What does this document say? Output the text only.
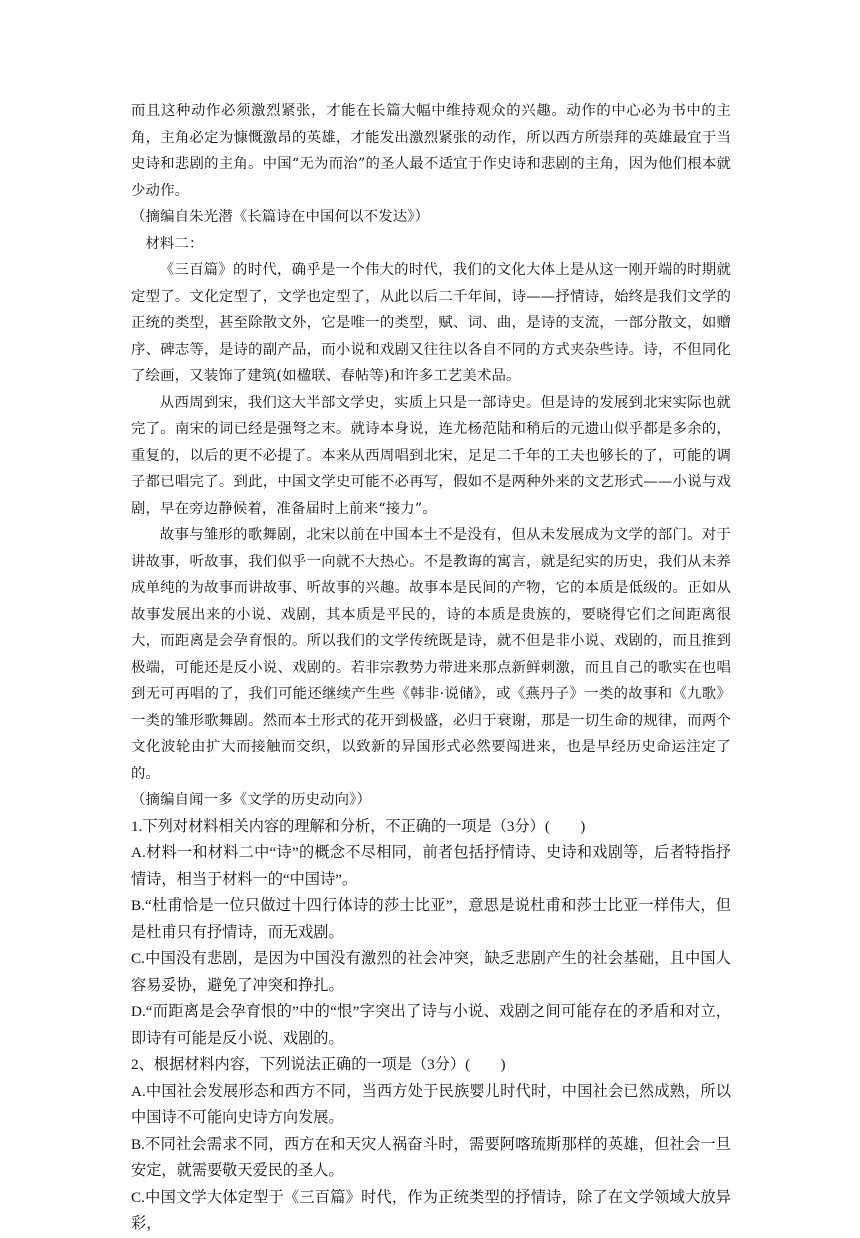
而且这种动作必须激烈紧张，才能在长篇大幅中维持观众的兴趣。动作的中心必为书中的主角，主角必定为慷慨激昂的英雄，才能发出激烈紧张的动作，所以西方所崇拜的英雄最宜于当史诗和悲剧的主角。中国“无为而治”的圣人最不适宜于作史诗和悲剧的主角，因为他们根本就少动作。

（摘编自朱光潜《长篇诗在中国何以不发达》）

材料二：

《三百篇》的时代，确乎是一个伟大的时代，我们的文化大体上是从这一刚开端的时期就定型了。文化定型了，文学也定型了，从此以后二千年间，诗——抒情诗，始终是我们文学的正统的类型，甚至除散文外，它是唯一的类型，赋、词、曲，是诗的支流，一部分散文，如赠序、碑志等，是诗的副产品，而小说和戏剧又往往以各自不同的方式夹杂些诗。诗，不但同化了绘画，又装饰了建筑(如楹联、春帖等)和许多工艺美术品。

从西周到宋，我们这大半部文学史，实质上只是一部诗史。但是诗的发展到北宋实际也就完了。南宋的词已经是强弩之末。就诗本身说，连尤杨范陆和稍后的元遗山似乎都是多余的，重复的，以后的更不必提了。本来从西周唱到北宋，足足二千年的工夫也够长的了，可能的调子都已唱完了。到此，中国文学史可能不必再写，假如不是两种外来的文艺形式——小说与戏剧，早在旁边静候着，准备届时上前来“接力”。

故事与雏形的歌舞剧，北宋以前在中国本土不是没有，但从未发展成为文学的部门。对于讲故事，听故事，我们似乎一向就不大热心。不是教诲的寓言，就是纪实的历史，我们从未养成单纯的为故事而讲故事、听故事的兴趣。故事本是民间的产物，它的本质是低级的。正如从故事发展出来的小说、戏剧，其本质是平民的，诗的本质是贵族的，要晓得它们之间距离很大，而距离是会孕育恨的。所以我们的文学传统既是诗，就不但是非小说、戏剧的，而且推到极端，可能还是反小说、戏剧的。若非宗教势力带进来那点新鲜刺激，而且自己的歌实在也唱到无可再唱的了，我们可能还继续产生些《韩非·说储》，或《燕丹子》一类的故事和《九歌》一类的雏形歌舞剧。然而本土形式的花开到极盛，必归于衰谢，那是一切生命的规律，而两个文化波轮由扩大而接触而交织，以致新的异国形式必然要闯进来，也是早经历史命运注定了的。

（摘编自闻一多《文学的历史动向》）

1.下列对材料相关内容的理解和分析，不正确的一项是（3分）(　　)

A.材料一和材料二中“诗”的概念不尽相同，前者包括抒情诗、史诗和戏剧等，后者特指抒情诗，相当于材料一的“中国诗”。

B.“杜甫恰是一位只做过十四行体诗的莎士比亚”，意思是说杜甫和莎士比亚一样伟大，但是杜甫只有抒情诗，而无戏剧。

C.中国没有悲剧，是因为中国没有激烈的社会冲突，缺乏悲剧产生的社会基础，且中国人容易妥协，避免了冲突和挣扎。

D.“而距离是会孕育恨的”中的“恨”字突出了诗与小说、戏剧之间可能存在的矛盾和对立，即诗有可能是反小说、戏剧的。

2、根据材料内容，下列说法正确的一项是（3分）(　　)

A.中国社会发展形态和西方不同，当西方处于民族婴儿时代时，中国社会已然成熟，所以中国诗不可能向史诗方向发展。

B.不同社会需求不同，西方在和天灾人祸奋斗时，需要阿喀琉斯那样的英雄，但社会一旦安定，就需要敬天爱民的圣人。

C.中国文学大体定型于《三百篇》时代，作为正统类型的抒情诗，除了在文学领域大放异彩，
